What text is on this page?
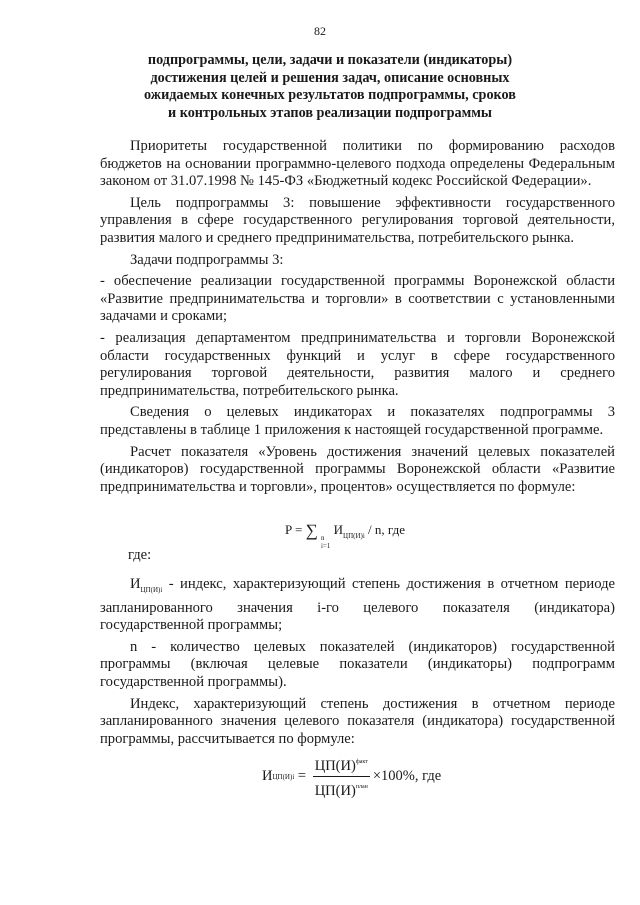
82
подпрограммы, цели, задачи и показатели (индикаторы)
достижения целей и решения задач, описание основных
ожидаемых конечных результатов подпрограммы, сроков
и контрольных этапов реализации подпрограммы

Приоритеты государственной политики по формированию расходов бюджетов на основании программно-целевого подхода определены Федеральным законом от 31.07.1998 № 145-ФЗ «Бюджетный кодекс Российской Федерации».

Цель подпрограммы 3: повышение эффективности государственного управления в сфере государственного регулирования торговой деятельности, развития малого и среднего предпринимательства, потребительского рынка.

Задачи подпрограммы 3:

- обеспечение реализации государственной программы Воронежской области «Развитие предпринимательства и торговли» в соответствии с установленными задачами и сроками;

- реализация департаментом предпринимательства и торговли Воронежской области государственных функций и услуг в сфере государственного регулирования торговой деятельности, развития малого и среднего предпринимательства, потребительского рынка.

Сведения о целевых индикаторах и показателях подпрограммы 3 представлены в таблице 1 приложения к настоящей государственной программе.

Расчет показателя «Уровень достижения значений целевых показателей (индикаторов) государственной программы Воронежской области «Развитие предпринимательства и торговли», процентов» осуществляется по формуле:

P = ∑ n
i=1
$И_{ЦП(И)i}$ / n, где
где:

$И_{ЦП(И)i}$ - индекс, характеризующий степень достижения в отчетном периоде запланированного значения i-го целевого показателя (индикатора) государственной программы;

n - количество целевых показателей (индикаторов) государственной программы (включая целевые показатели (индикаторы) подпрограмм государственной программы).

Индекс, характеризующий степень достижения в отчетном периоде запланированного значения целевого показателя (индикатора) государственной программы, рассчитывается по формуле:

И ЦП(И) $i = \frac{ЦП(И)^{факт}}{ЦП(И)^{план}} \times 100\%$, где
